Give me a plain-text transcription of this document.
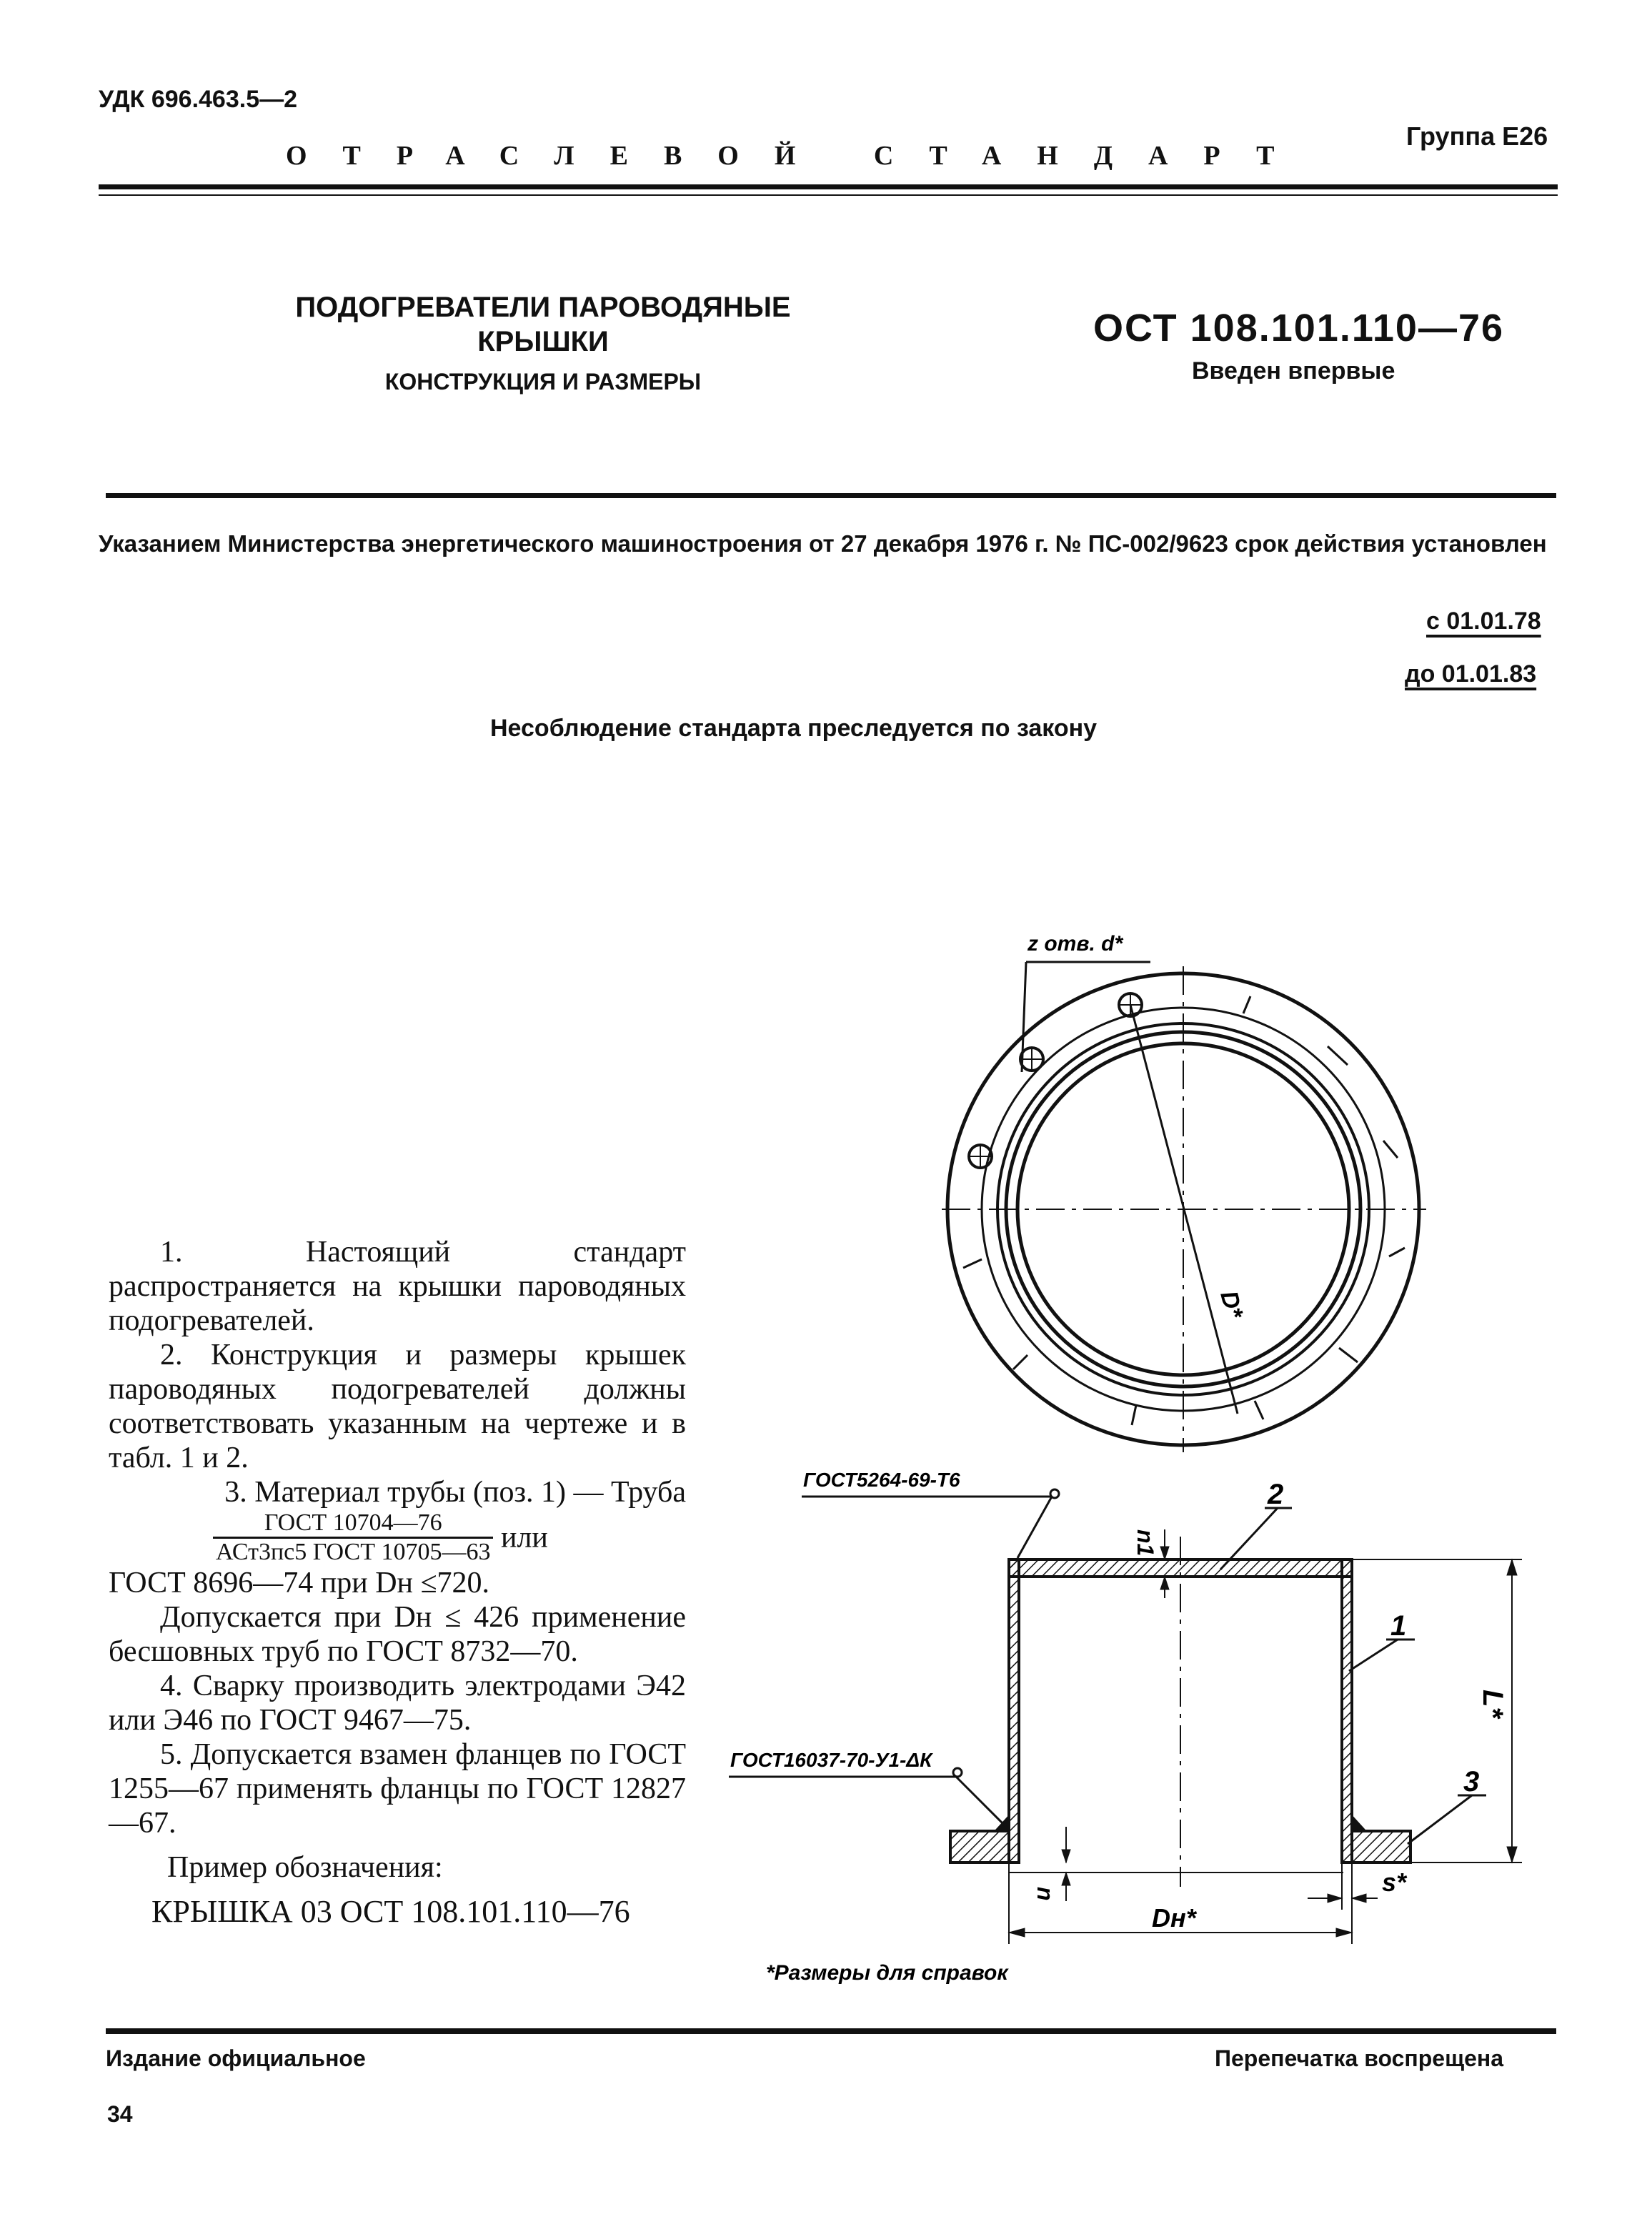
УДК 696.463.5—2
Группа Е26
ОТРАСЛЕВОЙ СТАНДАРТ
ПОДОГРЕВАТЕЛИ ПАРОВОДЯНЫЕ
КРЫШКИ
КОНСТРУКЦИЯ И РАЗМЕРЫ
ОСТ 108.101.110—76
Введен впервые
Указанием Министерства энергетического машиностроения от 27 декабря 1976 г. № ПС-002/9623 срок действия установлен
с 01.01.78
до 01.01.83
Несоблюдение стандарта преследуется по закону

1. Настоящий стандарт распространяется на крышки пароводяных подогревателей.

2. Конструкция и размеры крышек пароводяных подогревателей должны соответствовать указанным на чертеже и в табл. 1 и 2.

3. Материал трубы (поз. 1) — Труба

$\frac{\text{ГОСТ 10704—76}}{\text{АСт3пс5 ГОСТ 10705—63}}$ или

ГОСТ 8696—74 при Dн ≤720.

Допускается при Dн ≤ 426 применение бесшовных труб по ГОСТ 8732—70.

4. Сварку производить электродами Э42 или Э46 по ГОСТ 9467—75.

5. Допускается взамен фланцев по ГОСТ 1255—67 применять фланцы по ГОСТ 12827—67.

Пример обозначения:

КРЫШКА 03 ОСТ 108.101.110—76

z отв. d*
D*
ГОСТ5264-69-Т6
ГОСТ16037-70-У1-ΔК
n1
n
2
1
3
L*
Dн*
s*
*Размеры для справок
Издание официальное	Перепечатка воспрещена
34
